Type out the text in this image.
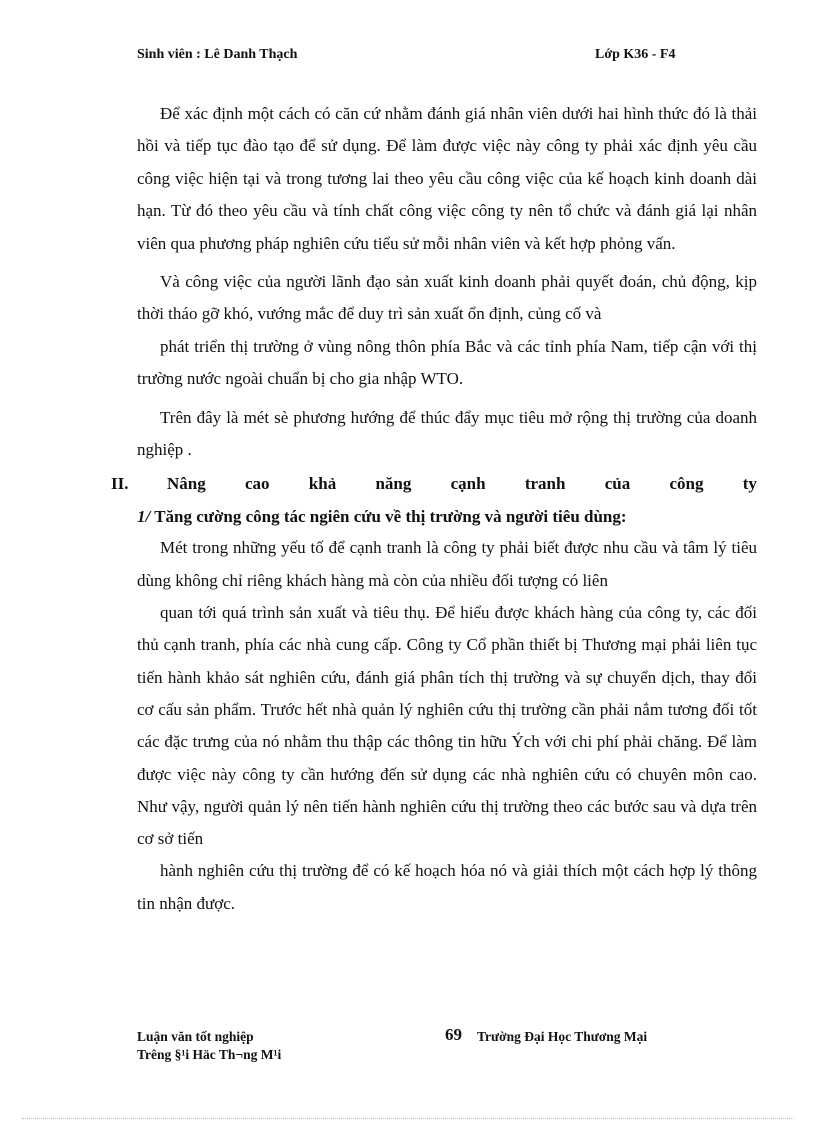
Sinh viên : Lê Danh Thạch	Lớp K36 - F4

Để xác định một cách có căn cứ nhằm đánh giá nhân viên dưới hai hình thức đó là thải hồi và tiếp tục đào tạo để sử dụng. Để làm được việc này công ty phải xác định yêu cầu công việc hiện tại và trong tương lai theo yêu cầu công việc của kế hoạch kinh doanh dài hạn. Từ đó theo yêu cầu và tính chất công việc công ty nên tổ chức và đánh giá lại nhân viên qua phương pháp nghiên cứu tiểu sử mỗi nhân viên và kết hợp phỏng vấn.

Và công việc của người lãnh đạo sản xuất kinh doanh phải quyết đoán, chủ động, kịp thời tháo gỡ khó, vướng mắc để duy trì sản xuất ổn định, củng cố và

phát triển thị trường ở vùng nông thôn phía Bắc và các tỉnh phía Nam, tiếp cận với thị trường nước ngoài chuẩn bị cho gia nhập WTO.

Trên đây là mét sè phương hướng để thúc đẩy mục tiêu mở rộng thị trường của doanh nghiệp .

II. Nâng cao khả năng cạnh tranh của công ty
1/ Tăng cường công tác ngiên cứu về thị trường và người tiêu dùng:

Mét trong những yếu tố để cạnh tranh là công ty phải biết được nhu cầu và tâm lý tiêu dùng không chỉ riêng khách hàng mà còn của nhiều đối tượng có liên

quan tới quá trình sản xuất và tiêu thụ. Để hiểu được khách hàng của công ty, các đối thủ cạnh tranh, phía các nhà cung cấp. Công ty Cổ phần thiết bị Thương mại phải liên tục tiến hành khảo sát nghiên cứu, đánh giá phân tích thị trường và sự chuyển dịch, thay đổi cơ cấu sản phẩm. Trước hết nhà quản lý nghiên cứu thị trường cần phải nắm tương đối tốt các đặc trưng của nó nhằm thu thập các thông tin hữu Ých với chi phí phải chăng. Để làm được việc này công ty cần hướng đến sử dụng các nhà nghiên cứu có chuyên môn cao. Như vậy, người quản lý nên tiến hành nghiên cứu thị trường theo các bước sau và dựa trên cơ sở tiến

hành nghiên cứu thị trường để có kế hoạch hóa nó và giải thích một cách hợp lý thông tin nhận được.

Luận văn tốt nghiệp
Trêng §¹i Häc Th¬ng M¹i
69 Trường Đại Học Thương Mại
